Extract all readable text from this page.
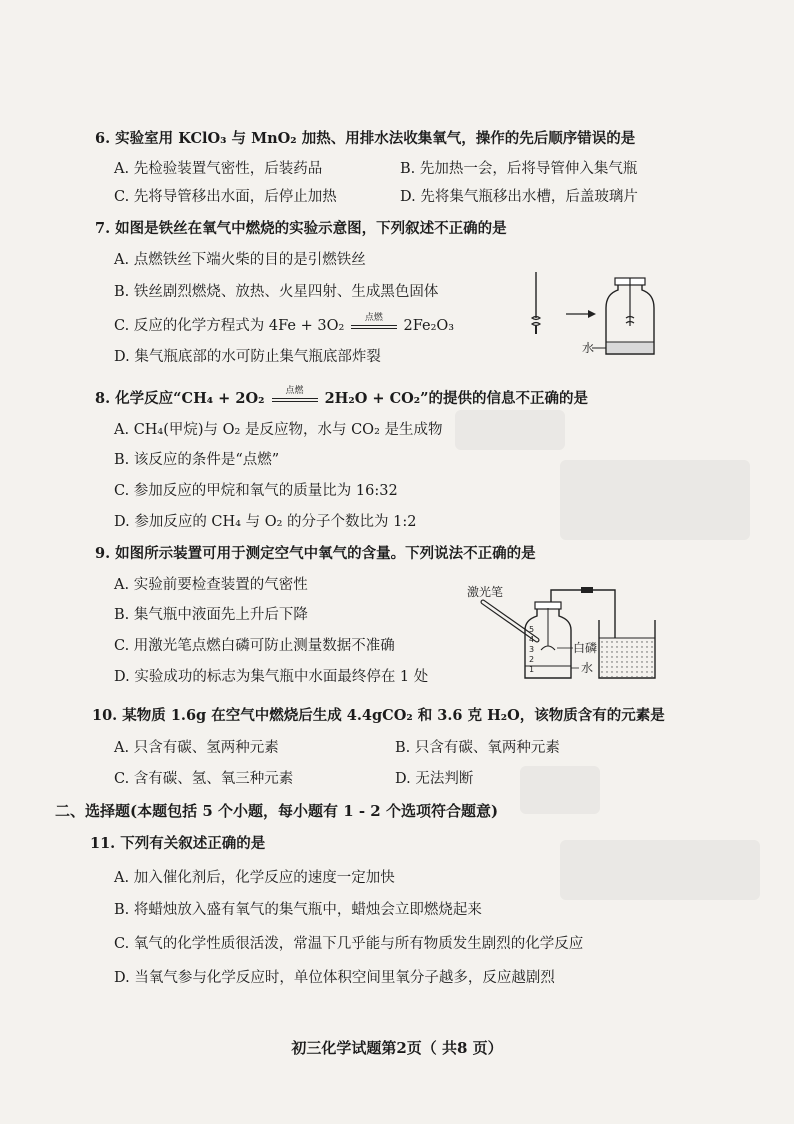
6. 实验室用 KClO₃ 与 MnO₂ 加热、用排水法收集氧气，操作的先后顺序错误的是
A. 先检验装置气密性，后装药品	B. 先加热一会，后将导管伸入集气瓶
C. 先将导管移出水面，后停止加热	D. 先将集气瓶移出水槽，后盖玻璃片
7. 如图是铁丝在氧气中燃烧的实验示意图，下列叙述不正确的是
A. 点燃铁丝下端火柴的目的是引燃铁丝
B. 铁丝剧烈燃烧、放热、火星四射、生成黑色固体
C. 反应的化学方程式为 4Fe + 3O₂	点燃	2Fe₂O₃
D. 集气瓶底部的水可防止集气瓶底部炸裂
水
8. 化学反应“CH₄ + 2O₂	点燃	2H₂O + CO₂”的提供的信息不正确的是
A. CH₄(甲烷)与 O₂ 是反应物，水与 CO₂ 是生成物
B. 该反应的条件是“点燃”
C. 参加反应的甲烷和氧气的质量比为 16:32
D. 参加反应的 CH₄ 与 O₂ 的分子个数比为 1:2
9. 如图所示装置可用于测定空气中氧气的含量。下列说法不正确的是
A. 实验前要检查装置的气密性
B. 集气瓶中液面先上升后下降
C. 用激光笔点燃白磷可防止测量数据不准确
D. 实验成功的标志为集气瓶中水面最终停在 1 处
激光笔
5
4
3
2
1
白磷
水
10. 某物质 1.6g 在空气中燃烧后生成 4.4gCO₂ 和 3.6 克 H₂O，该物质含有的元素是
A. 只含有碳、氢两种元素	B. 只含有碳、氧两种元素
C. 含有碳、氢、氧三种元素	D. 无法判断
二、选择题(本题包括 5 个小题，每小题有 1 - 2 个选项符合题意)
11. 下列有关叙述正确的是
A. 加入催化剂后，化学反应的速度一定加快
B. 将蜡烛放入盛有氧气的集气瓶中，蜡烛会立即燃烧起来
C. 氧气的化学性质很活泼，常温下几乎能与所有物质发生剧烈的化学反应
D. 当氧气参与化学反应时，单位体积空间里氧分子越多，反应越剧烈
初三化学试题第2页（ 共8 页）
